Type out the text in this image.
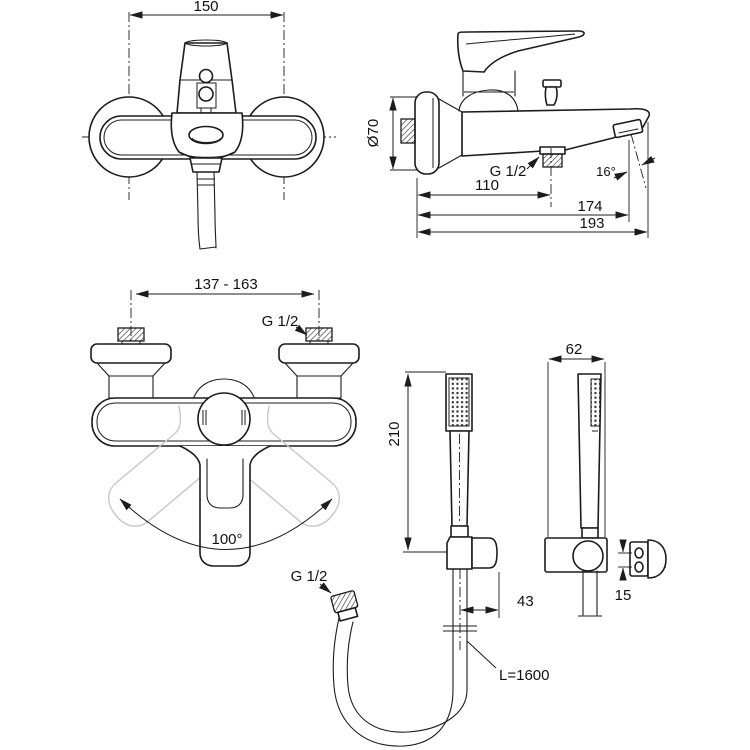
150
Ø70
G 1/2	16°
110
174
193
137 - 163
G 1/2
100°
210
43
G 1/2
L=1600
62
15
